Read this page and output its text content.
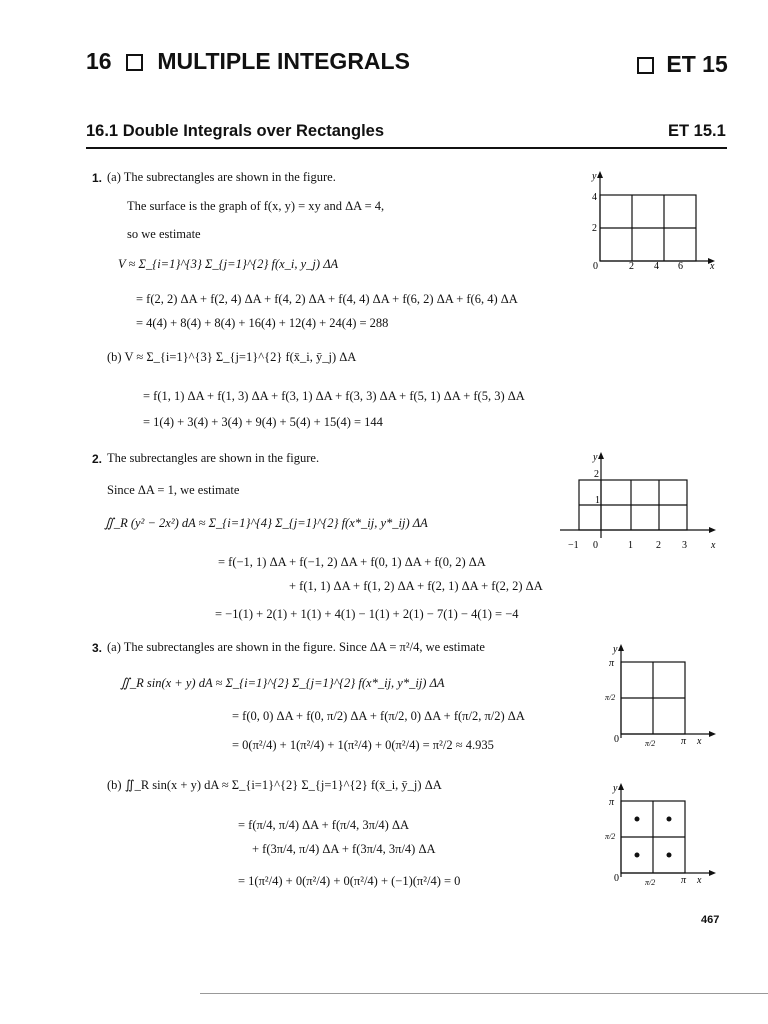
16 MULTIPLE INTEGRALS	ET 15
16.1 Double Integrals over Rectangles	ET 15.1
1. (a) The subrectangles are shown in the figure.
The surface is the graph of f(x, y) = xy and ΔA = 4,
so we estimate
V ≈ Σ_{i=1}^{3} Σ_{j=1}^{2} f(x_i, y_j) ΔA
= f(2, 2) ΔA + f(2, 4) ΔA + f(4, 2) ΔA + f(4, 4) ΔA + f(6, 2) ΔA + f(6, 4) ΔA
= 4(4) + 8(4) + 8(4) + 16(4) + 12(4) + 24(4) = 288
(b) V ≈ Σ_{i=1}^{3} Σ_{j=1}^{2} f(x̄_i, ȳ_j) ΔA
= f(1, 1) ΔA + f(1, 3) ΔA + f(3, 1) ΔA + f(3, 3) ΔA + f(5, 1) ΔA + f(5, 3) ΔA
= 1(4) + 3(4) + 3(4) + 9(4) + 5(4) + 15(4) = 144
y
4
2
0	2 4 6	x
2. The subrectangles are shown in the figure.
Since ΔA = 1, we estimate
∬_R (y² − 2x²) dA ≈ Σ_{i=1}^{4} Σ_{j=1}^{2} f(x*_ij, y*_ij) ΔA
= f(−1, 1) ΔA + f(−1, 2) ΔA + f(0, 1) ΔA + f(0, 2) ΔA
+ f(1, 1) ΔA + f(1, 2) ΔA + f(2, 1) ΔA + f(2, 2) ΔA
= −1(1) + 2(1) + 1(1) + 4(1) − 1(1) + 2(1) − 7(1) − 4(1) = −4
y
2
1
−1 0	1 2 3 x
3. (a) The subrectangles are shown in the figure. Since ΔA = π²/4, we estimate
∬_R sin(x + y) dA ≈ Σ_{i=1}^{2} Σ_{j=1}^{2} f(x*_ij, y*_ij) ΔA
= f(0, 0) ΔA + f(0, π/2) ΔA + f(π/2, 0) ΔA + f(π/2, π/2) ΔA
= 0(π²/4) + 1(π²/4) + 1(π²/4) + 0(π²/4) = π²/2 ≈ 4.935
(b) ∬_R sin(x + y) dA ≈ Σ_{i=1}^{2} Σ_{j=1}^{2} f(x̄_i, ȳ_j) ΔA
= f(π/4, π/4) ΔA + f(π/4, 3π/4) ΔA
+ f(3π/4, π/4) ΔA + f(3π/4, 3π/4) ΔA
= 1(π²/4) + 0(π²/4) + 0(π²/4) + (−1)(π²/4) = 0
y
π
π/2
0	π/2	π x
y
π
π/2
0	π/2	π x
467
